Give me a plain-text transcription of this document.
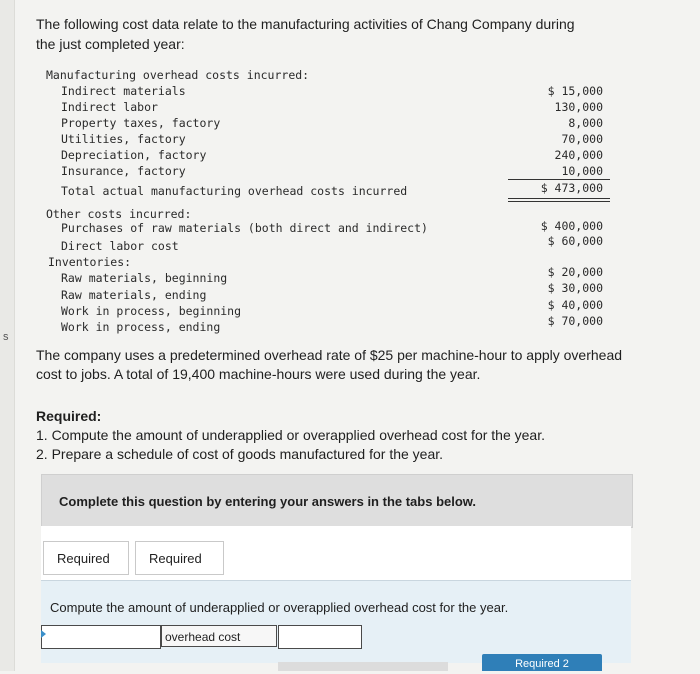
s
The following cost data relate to the manufacturing activities of Chang Company during the just completed year:
Manufacturing overhead costs incurred:
Indirect materials	$ 15,000
Indirect labor	130,000
Property taxes, factory	8,000
Utilities, factory	70,000
Depreciation, factory	240,000
Insurance, factory	10,000
Total actual manufacturing overhead costs incurred	$ 473,000
Other costs incurred:
Purchases of raw materials (both direct and indirect)	$ 400,000
Direct labor cost	$ 60,000
Inventories:
Raw materials, beginning	$ 20,000
Raw materials, ending	$ 30,000
Work in process, beginning	$ 40,000
Work in process, ending	$ 70,000
The company uses a predetermined overhead rate of $25 per machine-hour to apply overhead cost to jobs. A total of 19,400 machine-hours were used during the year.
Required:
1. Compute the amount of underapplied or overapplied overhead cost for the year.
2. Prepare a schedule of cost of goods manufactured for the year.
Complete this question by entering your answers in the tabs below.
Required	Required
Compute the amount of underapplied or overapplied overhead cost for the year.
overhead cost
Required 2
